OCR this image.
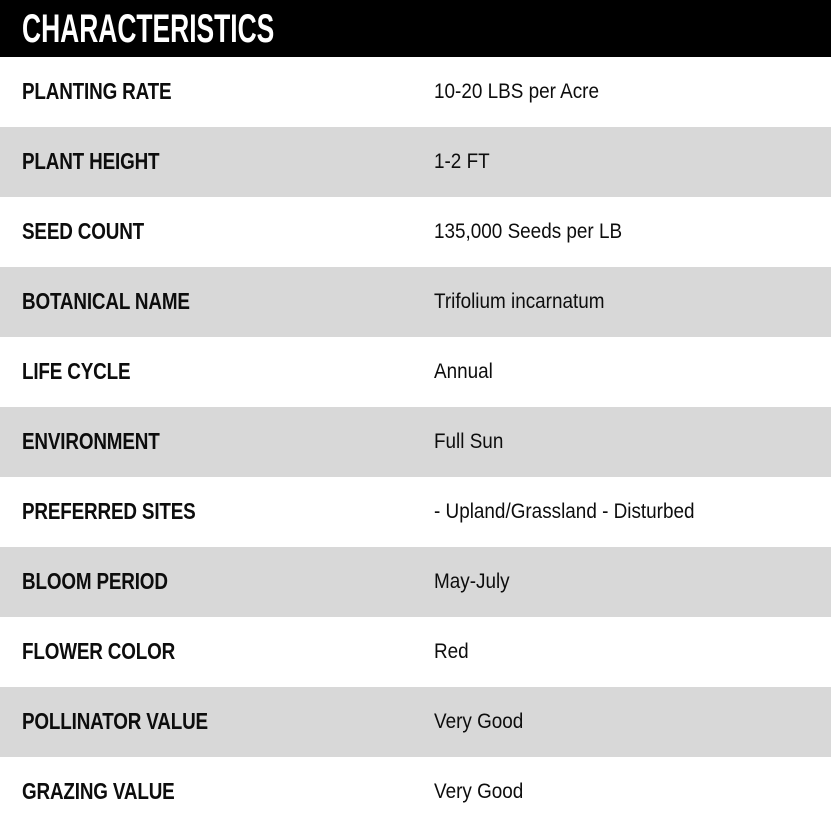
CHARACTERISTICS
PLANTING RATE	10-20 LBS per Acre
PLANT HEIGHT	1-2 FT
SEED COUNT	135,000 Seeds per LB
BOTANICAL NAME	Trifolium incarnatum
LIFE CYCLE	Annual
ENVIRONMENT	Full Sun
PREFERRED SITES	- Upland/Grassland - Disturbed
BLOOM PERIOD	May-July
FLOWER COLOR	Red
POLLINATOR VALUE	Very Good
GRAZING VALUE	Very Good
